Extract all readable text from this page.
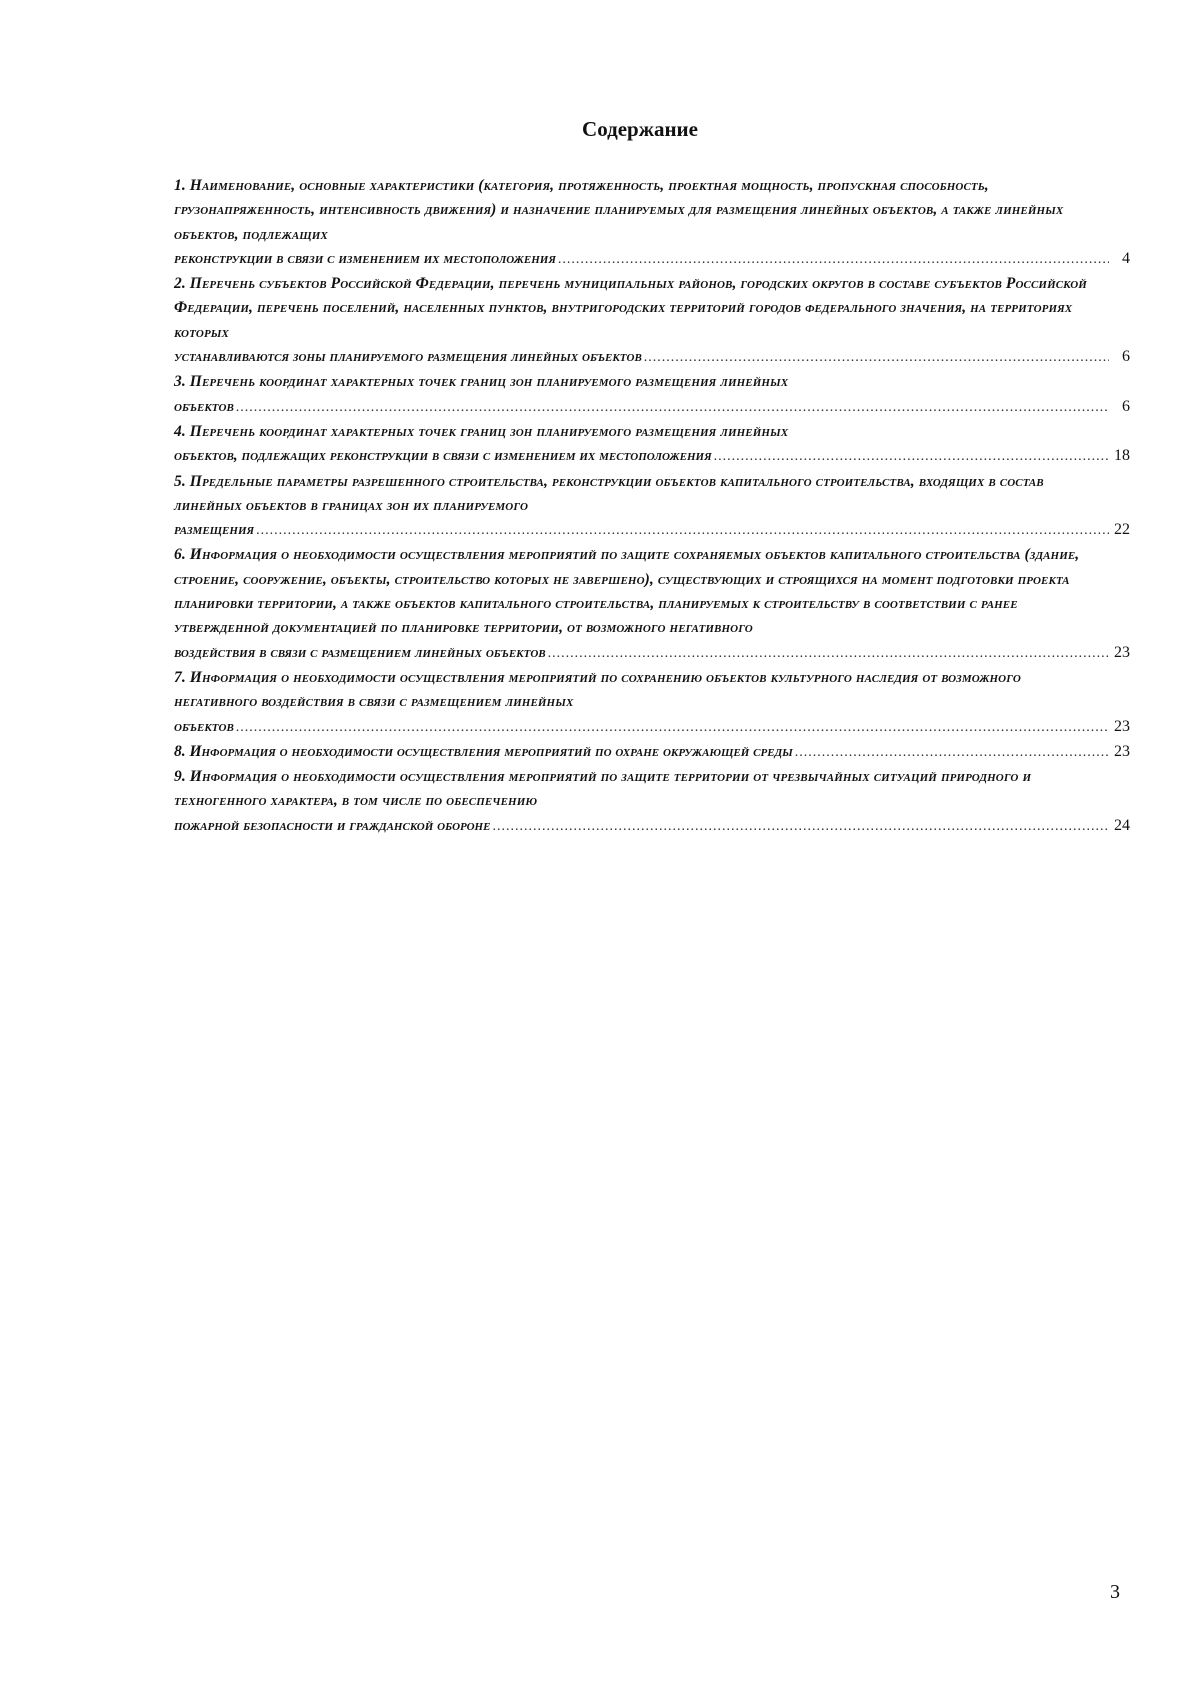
Содержание
1. Наименование, основные характеристики (категория, протяженность, проектная мощность, пропускная способность, грузонапряженность, интенсивность движения) и назначение планируемых для размещения линейных объектов, а также линейных объектов, подлежащих
реконструкции в связи с изменением их местоположения .....	4
2. Перечень субъектов Российской Федерации, перечень муниципальных районов, городских округов в составе субъектов Российской Федерации, перечень поселений, населенных пунктов, внутригородских территорий городов федерального значения, на территориях которых
устанавливаются зоны планируемого размещения линейных объектов .....	6
3. Перечень координат характерных точек границ зон планируемого размещения линейных
объектов .....	6
4. Перечень координат характерных точек границ зон планируемого размещения линейных
объектов, подлежащих реконструкции в связи с изменением их местоположения .....	18
5. Предельные параметры разрешенного строительства, реконструкции объектов капитального строительства, входящих в состав линейных объектов в границах зон их планируемого
размещения .....	22
6. Информация о необходимости осуществления мероприятий по защите сохраняемых объектов капитального строительства (здание, строение, сооружение, объекты, строительство которых не завершено), существующих и строящихся на момент подготовки проекта планировки территории, а также объектов капитального строительства, планируемых к строительству в соответствии с ранее утвержденной документацией по планировке территории, от возможного негативного
воздействия в связи с размещением линейных объектов .....	23
7. Информация о необходимости осуществления мероприятий по сохранению объектов культурного наследия от возможного негативного воздействия в связи с размещением линейных
объектов .....	23
8. Информация о необходимости осуществления мероприятий по охране окружающей среды .....	23
9. Информация о необходимости осуществления мероприятий по защите территории от чрезвычайных ситуаций природного и техногенного характера, в том числе по обеспечению
пожарной безопасности и гражданской обороне .....	24
3
